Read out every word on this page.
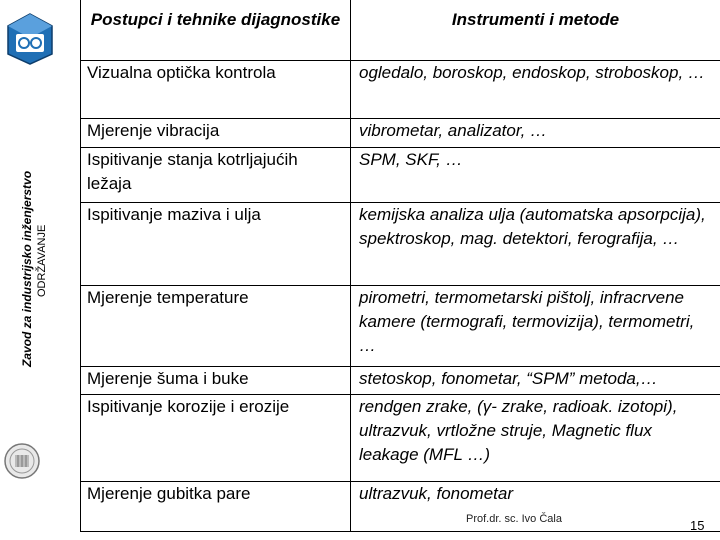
Zavod za industrijsko inženjerstvo ODRŽAVANJE
Postupci i tehnike dijagnostike	Instrumenti i metode
Vizualna optička kontrola	ogledalo, boroskop, endoskop, stroboskop, …
Mjerenje vibracija	vibrometar, analizator, …
Ispitivanje stanja kotrljajućih ležaja	SPM, SKF, …
Ispitivanje maziva i ulja	kemijska analiza ulja (automatska apsorpcija), spektroskop, mag. detektori, ferografija, …
Mjerenje temperature	pirometri, termometarski pištolj, infracrvene kamere (termografi, termovizija), termometri, …
Mjerenje šuma i buke	stetoskop, fonometar, “SPM” metoda,…
Ispitivanje korozije i erozije	rendgen zrake, (γ- zrake, radioak. izotopi), ultrazvuk, vrtložne struje, Magnetic flux leakage (MFL …)
Mjerenje gubitka pare	ultrazvuk, fonometar
Prof.dr. sc. Ivo Čala	15
